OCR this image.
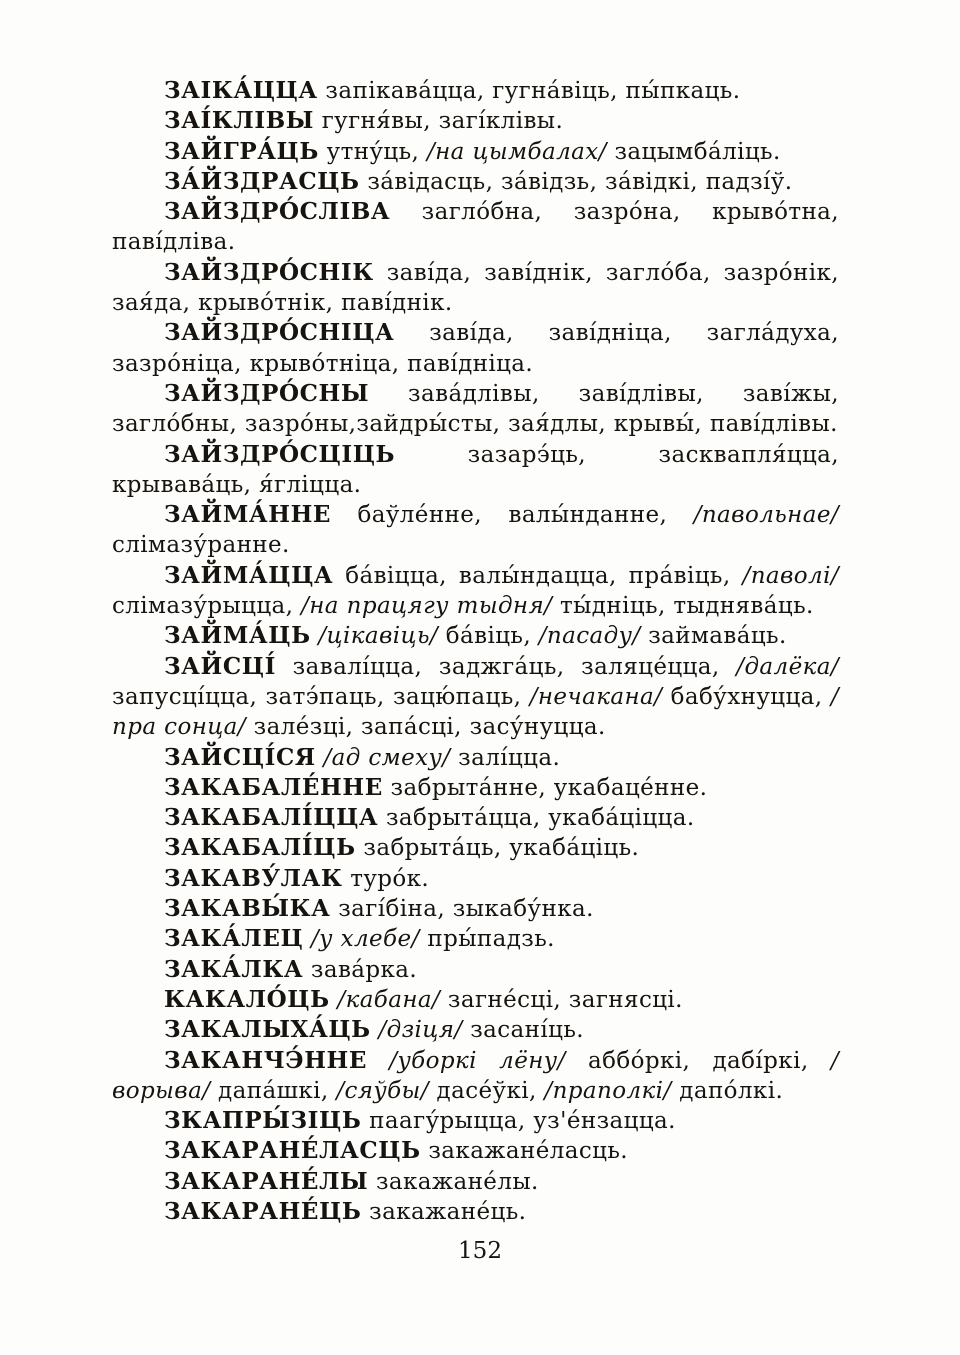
ЗАІКА́ЦЦА запікава́цца, гугна́віць, пы́пкаць.

ЗАІ́КЛІВЫ гугня́вы, загі́клівы.

ЗАЙГРА́ЦЬ утну́ць, /на цымбалах/ зацымба́ліць.

ЗА́ЙЗДРАСЦЬ за́відасць, за́відзь, за́відкі, падзі́ў.

ЗАЙЗДРО́СЛІВА загло́бна, зазро́на, крыво́тна, паві́дліва.

ЗАЙЗДРО́СНІК заві́да, заві́днік, загло́ба, зазро́нік, зая́да, крыво́тнік, паві́днік.

ЗАЙЗДРО́СНІЦА заві́да, заві́дніца, загла́духа, зазро́ніца, крыво́тніца, паві́дніца.

ЗАЙЗДРО́СНЫ зава́длівы, заві́длівы, заві́жы, загло́бны, зазро́ны,зайдры́сты, зая́длы, крывы́, паві́длівы.

ЗАЙЗДРО́СЦІЦЬ зазарэ́ць, засквапля́цца, крывава́ць, я́гліцца.

ЗАЙМА́ННЕ баўле́нне, валы́нданне, /павольнае/ слімазу́ранне.

ЗАЙМА́ЦЦА ба́віцца, валы́ндацца, пра́віць, /паволі/ слімазу́рыцца, /на працягу тыдня/ ты́дніць, тыднява́ць.

ЗАЙМА́ЦЬ /цікавіць/ ба́віць, /пасаду/ займава́ць.

ЗАЙСЦІ́ завалі́цца, заджга́ць, заляце́цца, /далёка/ запусці́цца, затэ́паць, зацю́паць, /нечакана/ бабу́хнуцца, /пра сонца/ зале́зці, запа́сці, засу́нуцца.

ЗАЙСЦІ́СЯ /ад смеху/ залі́цца.

ЗАКАБАЛЕ́ННЕ забрыта́нне, укабаце́нне.

ЗАКАБАЛІ́ЦЦА забрыта́цца, укаба́ціцца.

ЗАКАБАЛІ́ЦЬ забрыта́ць, укаба́ціць.

ЗАКАВУ́ЛАК туро́к.

ЗАКАВЫ́КА загі́біна, зыкабу́нка.

ЗАКА́ЛЕЦ /у хлебе/ пры́падзь.

ЗАКА́ЛКА зава́рка.

КАКАЛО́ЦЬ /кабана/ загне́сці, загнясці.

ЗАКАЛЫХА́ЦЬ /дзіця/ засані́ць.

ЗАКАНЧЭ́ННЕ /уборкі лёну/ аббо́ркі, дабі́ркі, /ворыва/ дапа́шкі, /сяўбы/ дасе́ўкі, /праполкі/ дапо́лкі.

ЗКАПРЫ́ЗІЦЬ паагу́рыцца, уз'е́нзацца.

ЗАКАРАНЕ́ЛАСЦЬ закажане́ласць.

ЗАКАРАНЕ́ЛЫ закажане́лы.

ЗАКАРАНЕ́ЦЬ закажане́ць.

152
